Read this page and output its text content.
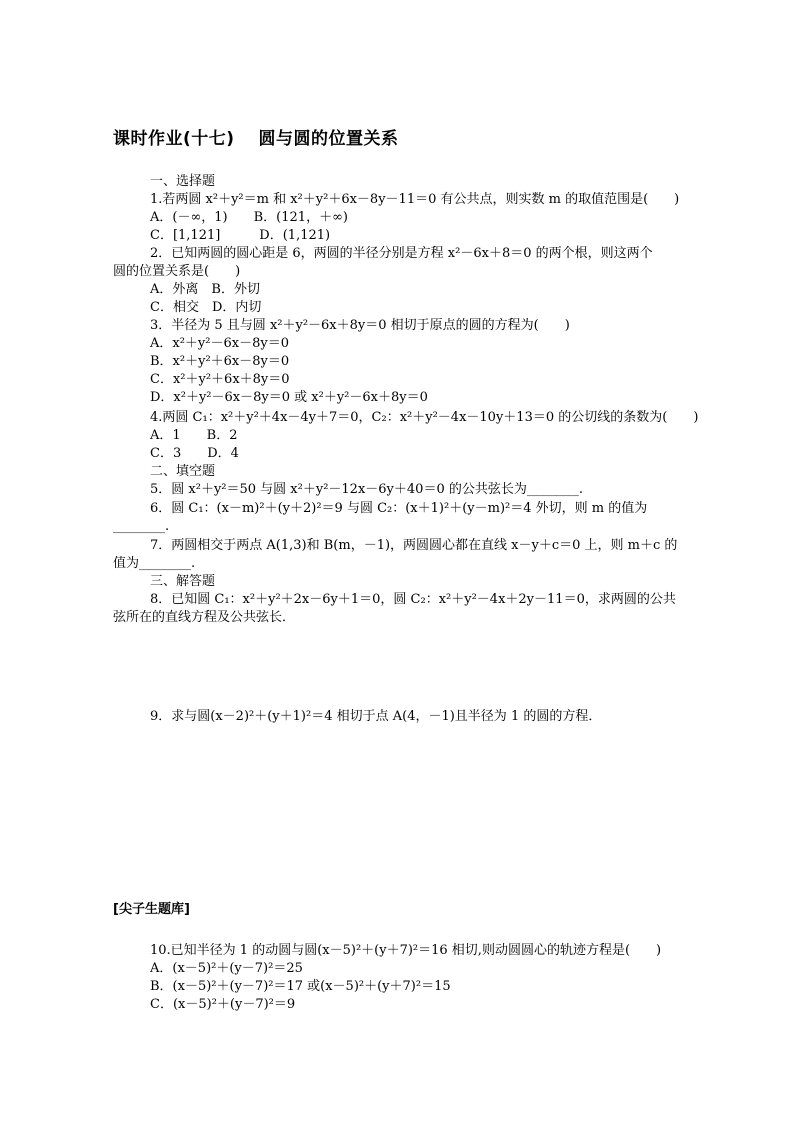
课时作业(十七)　 圆与圆的位置关系
一、选择题
1.若两圆 x²＋y²＝m 和 x²＋y²＋6x－8y－11＝0 有公共点，则实数 m 的取值范围是(　　)
A．(－∞，1)　　B．(121，＋∞)
C．[1,121]　　　D．(1,121)
2．已知两圆的圆心距是 6，两圆的半径分别是方程 x²－6x＋8＝0 的两个根，则这两个
圆的位置关系是(　　)
A．外离　B．外切
C．相交　D．内切
3．半径为 5 且与圆 x²＋y²－6x＋8y＝0 相切于原点的圆的方程为(　　)
A．x²＋y²－6x－8y＝0
B．x²＋y²＋6x－8y＝0
C．x²＋y²＋6x＋8y＝0
D．x²＋y²－6x－8y＝0 或 x²＋y²－6x＋8y＝0
4.两圆 C₁：x²＋y²＋4x－4y＋7＝0，C₂：x²＋y²－4x－10y＋13＝0 的公切线的条数为(　　)
A．1　　B．2
C．3　　D．4
二、填空题
5．圆 x²＋y²＝50 与圆 x²＋y²－12x－6y＋40＝0 的公共弦长为________.
6．圆 C₁：(x－m)²＋(y＋2)²＝9 与圆 C₂：(x＋1)²＋(y－m)²＝4 外切，则 m 的值为
________.
7．两圆相交于两点 A(1,3)和 B(m，－1)，两圆圆心都在直线 x－y＋c＝0 上，则 m＋c 的
值为________.
三、解答题
8．已知圆 C₁：x²＋y²＋2x－6y＋1＝0，圆 C₂：x²＋y²－4x＋2y－11＝0，求两圆的公共
弦所在的直线方程及公共弦长．
9．求与圆(x－2)²＋(y＋1)²＝4 相切于点 A(4，－1)且半径为 1 的圆的方程．
[尖子生题库]
10.已知半径为 1 的动圆与圆(x－5)²＋(y＋7)²＝16 相切,则动圆圆心的轨迹方程是(　　)
A．(x－5)²＋(y－7)²＝25
B．(x－5)²＋(y－7)²＝17 或(x－5)²＋(y＋7)²＝15
C．(x－5)²＋(y－7)²＝9
